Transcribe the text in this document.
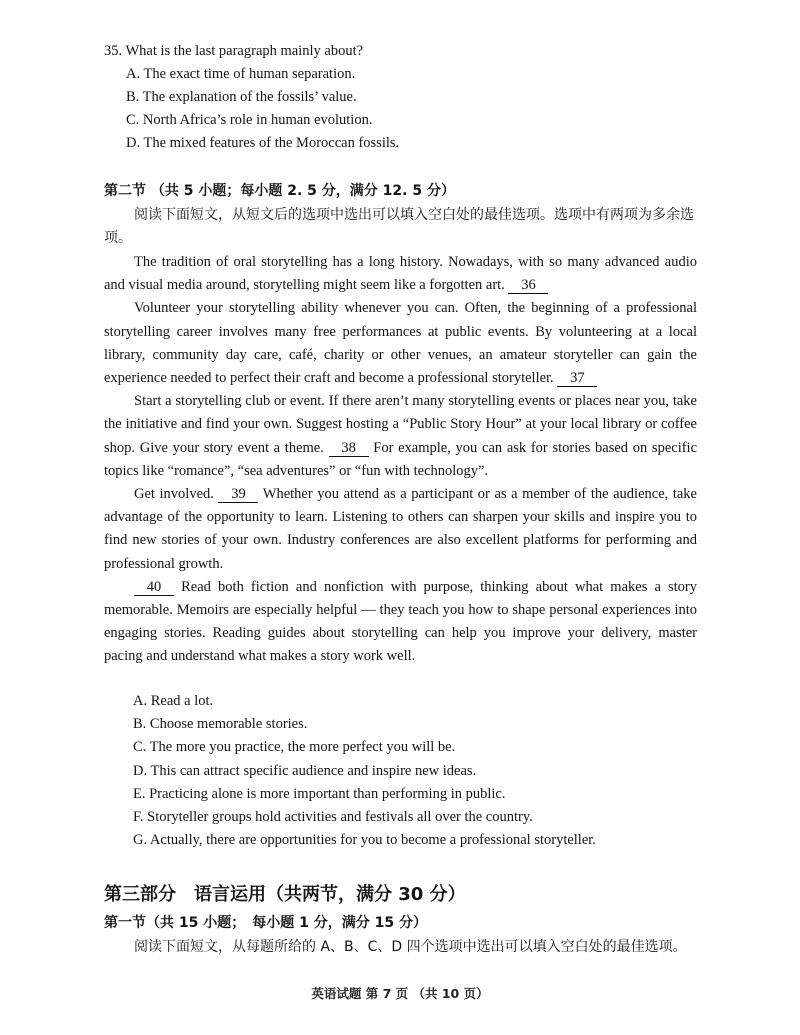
35. What is the last paragraph mainly about?
A. The exact time of human separation.
B. The explanation of the fossils’ value.
C. North Africa’s role in human evolution.
D. The mixed features of the Moroccan fossils.
第二节 （共 5 小题；每小题 2. 5 分，满分 12. 5 分）
阅读下面短文，从短文后的选项中选出可以填入空白处的最佳选项。选项中有两项为多余选项。

The tradition of oral storytelling has a long history. Nowadays, with so many advanced audio and visual media around, storytelling might seem like a forgotten art. 36

Volunteer your storytelling ability whenever you can. Often, the beginning of a professional storytelling career involves many free performances at public events. By volunteering at a local library, community day care, café, charity or other venues, an amateur storyteller can gain the experience needed to perfect their craft and become a professional storyteller. 37

Start a storytelling club or event. If there aren’t many storytelling events or places near you, take the initiative and find your own. Suggest hosting a “Public Story Hour” at your local library or coffee shop. Give your story event a theme. 38 For example, you can ask for stories based on specific topics like “romance”, “sea adventures” or “fun with technology”.

Get involved. 39 Whether you attend as a participant or as a member of the audience, take advantage of the opportunity to learn. Listening to others can sharpen your skills and inspire you to find new stories of your own. Industry conferences are also excellent platforms for performing and professional growth.

40 Read both fiction and nonfiction with purpose, thinking about what makes a story memorable. Memoirs are especially helpful — they teach you how to shape personal experiences into engaging stories. Reading guides about storytelling can help you improve your delivery, master pacing and understand what makes a story work well.

A. Read a lot.
B. Choose memorable stories.
C. The more you practice, the more perfect you will be.
D. This can attract specific audience and inspire new ideas.
E. Practicing alone is more important than performing in public.
F. Storyteller groups hold activities and festivals all over the country.
G. Actually, there are opportunities for you to become a professional storyteller.
第三部分　语言运用（共两节，满分 30 分）
第一节（共 15 小题；　每小题 1 分，满分 15 分）
阅读下面短文，从每题所给的 A、B、C、D 四个选项中选出可以填入空白处的最佳选项。
英语试题 第 7 页 （共 10 页）
